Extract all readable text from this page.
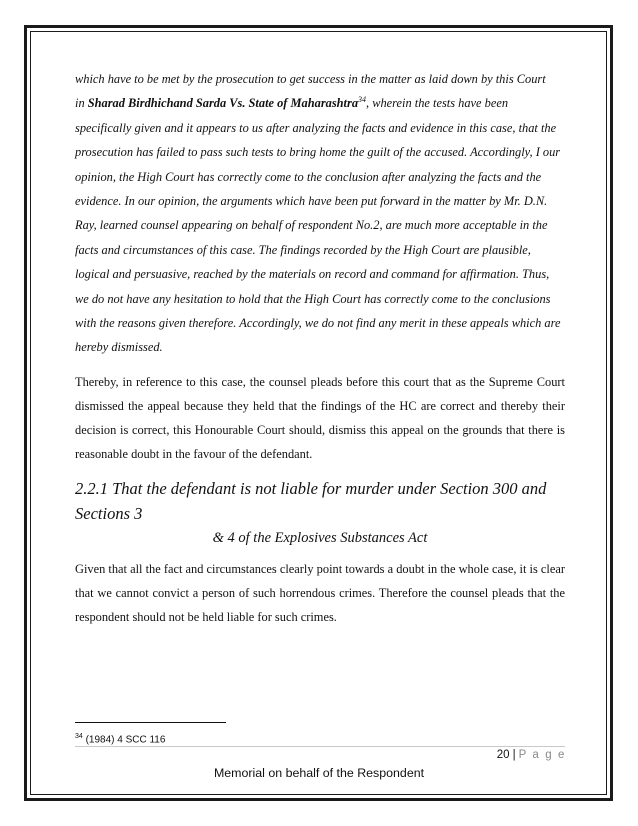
which have to be met by the prosecution to get success in the matter as laid down by this Court
in Sharad Birdhichand Sarda Vs. State of Maharashtra$^{34}$, wherein the tests have been specifically given and it appears to us after analyzing the facts and evidence in this case, that the prosecution has failed to pass such tests to bring home the guilt of the accused. Accordingly, I our opinion, the High Court has correctly come to the conclusion after analyzing the facts and the evidence. In our opinion, the arguments which have been put forward in the matter by Mr. D.N. Ray, learned counsel appearing on behalf of respondent No.2, are much more acceptable in the facts and circumstances of this case. The findings recorded by the High Court are plausible, logical and persuasive, reached by the materials on record and command for affirmation. Thus, we do not have any hesitation to hold that the High Court has correctly come to the conclusions with the reasons given therefore. Accordingly, we do not find any merit in these appeals which are hereby dismissed.
Thereby, in reference to this case, the counsel pleads before this court that as the Supreme Court dismissed the appeal because they held that the findings of the HC are correct and thereby their decision is correct, this Honourable Court should, dismiss this appeal on the grounds that there is reasonable doubt in the favour of the defendant.
2.2.1 That the defendant is not liable for murder under Section 300 and Sections 3
& 4 of the Explosives Substances Act
Given that all the fact and circumstances clearly point towards a doubt in the whole case, it is clear that we cannot convict a person of such horrendous crimes. Therefore the counsel pleads that the respondent should not be held liable for such crimes.
$^{34}$ (1984) 4 SCC 116
20 | P a g e
Memorial on behalf of the Respondent
